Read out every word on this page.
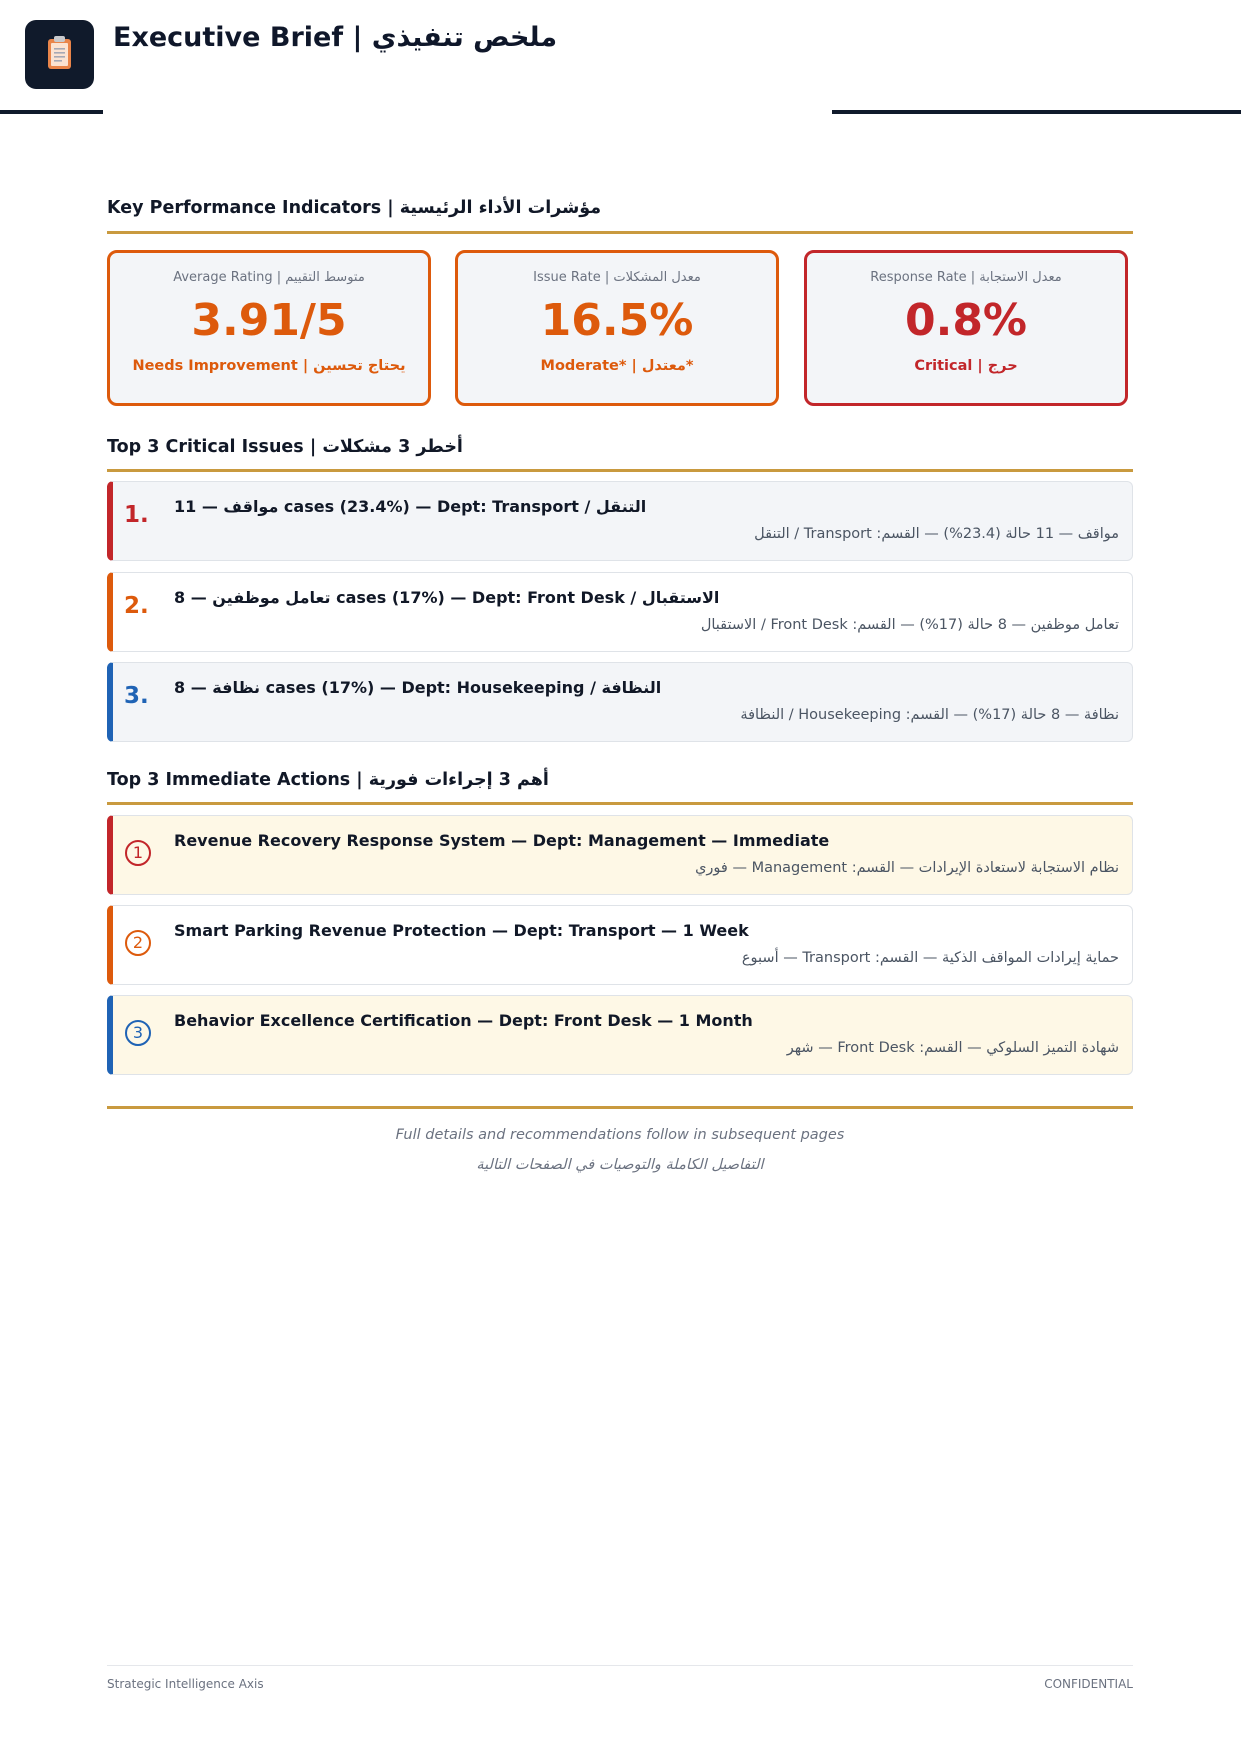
Executive Brief | ملخص تنفيذي
Key Performance Indicators | مؤشرات الأداء الرئيسية
Average Rating | متوسط التقييم
3.91/5
Needs Improvement | يحتاج تحسين
Issue Rate | معدل المشكلات
16.5%
Moderate* | معتدل*
Response Rate | معدل الاستجابة
0.8%
Critical | حرج
Top 3 Critical Issues | أخطر 3 مشكلات
1. 11 — مواقف cases (23.4%) — Dept: Transport / التنقل
مواقف — 11 حالة (23.4%) — القسم: Transport / التنقل
2. 8 — تعامل موظفين cases (17%) — Dept: Front Desk / الاستقبال
تعامل موظفين — 8 حالة (17%) — القسم: Front Desk / الاستقبال
3. 8 — نظافة cases (17%) — Dept: Housekeeping / النظافة
نظافة — 8 حالة (17%) — القسم: Housekeeping / النظافة
Top 3 Immediate Actions | أهم 3 إجراءات فورية
1
Revenue Recovery Response System — Dept: Management — Immediate
نظام الاستجابة لاستعادة الإيرادات — القسم: Management — فوري
2
Smart Parking Revenue Protection — Dept: Transport — 1 Week
حماية إيرادات المواقف الذكية — القسم: Transport — أسبوع
3
Behavior Excellence Certification — Dept: Front Desk — 1 Month
شهادة التميز السلوكي — القسم: Front Desk — شهر
Full details and recommendations follow in subsequent pages
التفاصيل الكاملة والتوصيات في الصفحات التالية
Strategic Intelligence Axis	CONFIDENTIAL
